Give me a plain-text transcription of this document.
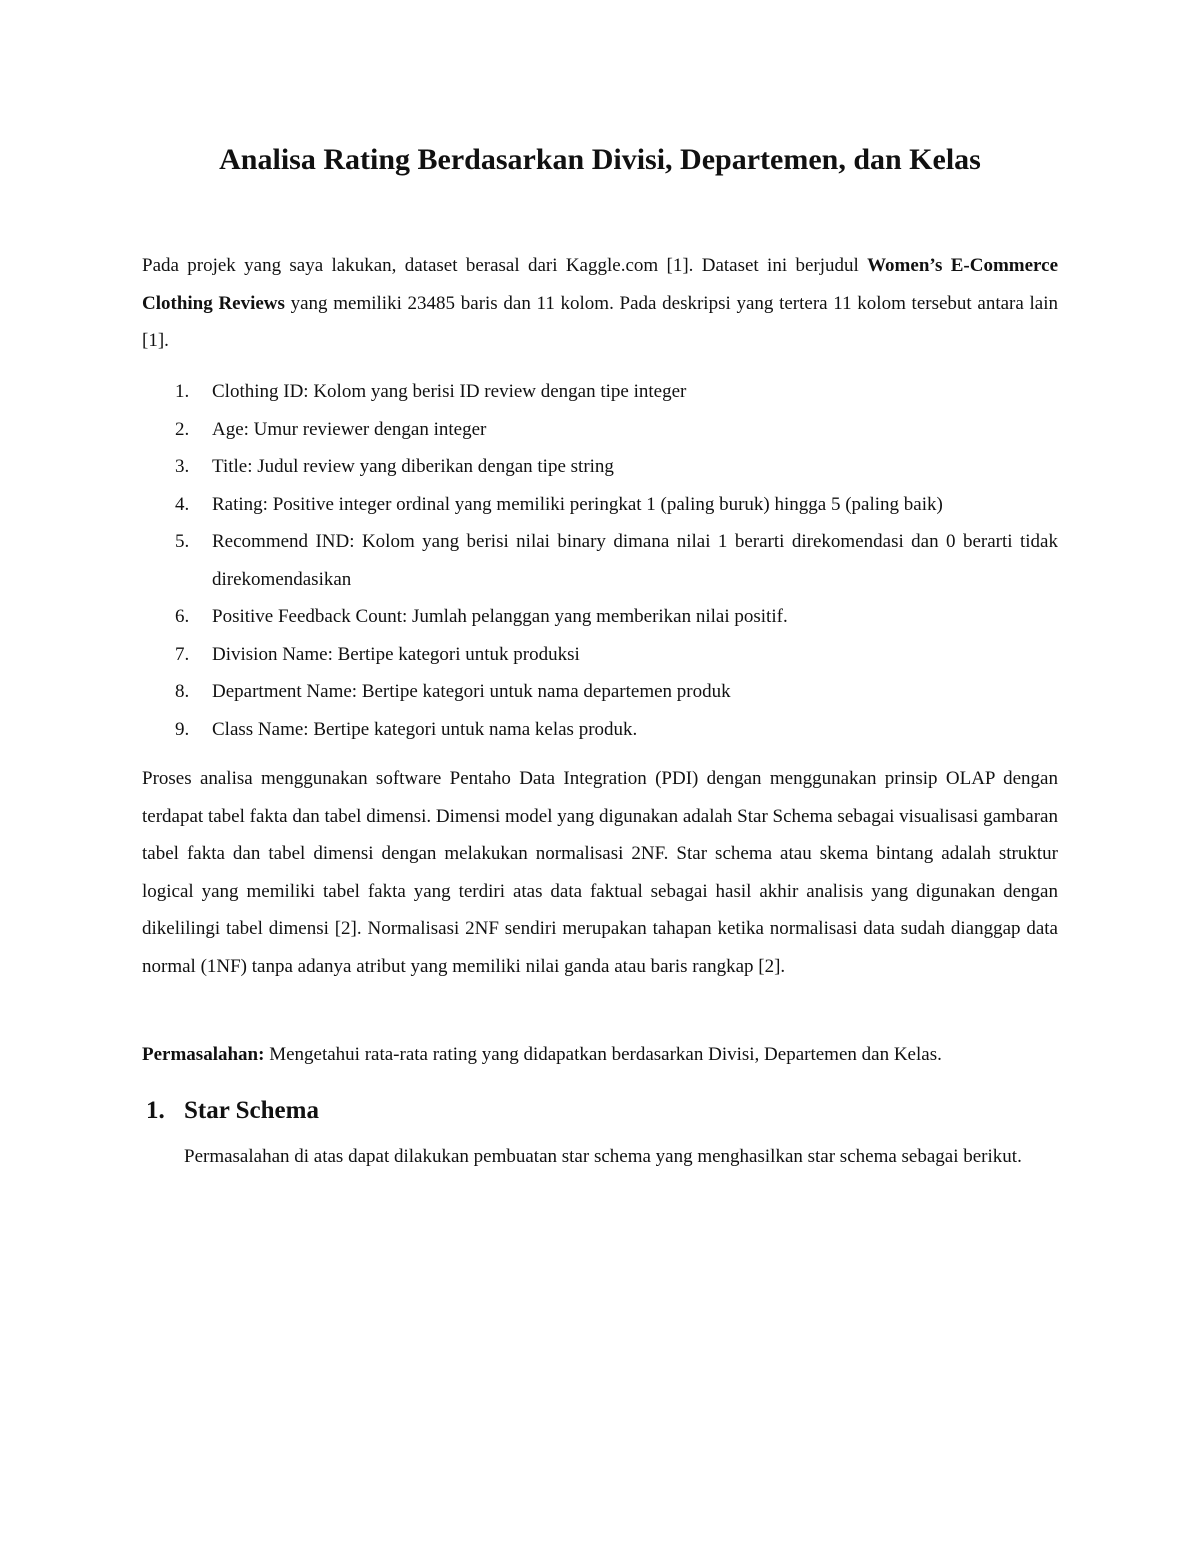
Analisa Rating Berdasarkan Divisi, Departemen, dan Kelas

Pada projek yang saya lakukan, dataset berasal dari Kaggle.com [1]. Dataset ini berjudul Women’s E-Commerce Clothing Reviews yang memiliki 23485 baris dan 11 kolom. Pada deskripsi yang tertera 11 kolom tersebut antara lain [1].

1. Clothing ID: Kolom yang berisi ID review dengan tipe integer
2. Age: Umur reviewer dengan integer
3. Title: Judul review yang diberikan dengan tipe string
4. Rating: Positive integer ordinal yang memiliki peringkat 1 (paling buruk) hingga 5 (paling baik)
5. Recommend IND: Kolom yang berisi nilai binary dimana nilai 1 berarti direkomendasi dan 0 berarti tidak direkomendasikan
6. Positive Feedback Count: Jumlah pelanggan yang memberikan nilai positif.
7. Division Name: Bertipe kategori untuk produksi
8. Department Name: Bertipe kategori untuk nama departemen produk
9. Class Name: Bertipe kategori untuk nama kelas produk.

Proses analisa menggunakan software Pentaho Data Integration (PDI) dengan menggunakan prinsip OLAP dengan terdapat tabel fakta dan tabel dimensi. Dimensi model yang digunakan adalah Star Schema sebagai visualisasi gambaran tabel fakta dan tabel dimensi dengan melakukan normalisasi 2NF. Star schema atau skema bintang adalah struktur logical yang memiliki tabel fakta yang terdiri atas data faktual sebagai hasil akhir analisis yang digunakan dengan dikelilingi tabel dimensi [2]. Normalisasi 2NF sendiri merupakan tahapan ketika normalisasi data sudah dianggap data normal (1NF) tanpa adanya atribut yang memiliki nilai ganda atau baris rangkap [2].

Permasalahan: Mengetahui rata-rata rating yang didapatkan berdasarkan Divisi, Departemen dan Kelas.

1. Star Schema

Permasalahan di atas dapat dilakukan pembuatan star schema yang menghasilkan star schema sebagai berikut.
